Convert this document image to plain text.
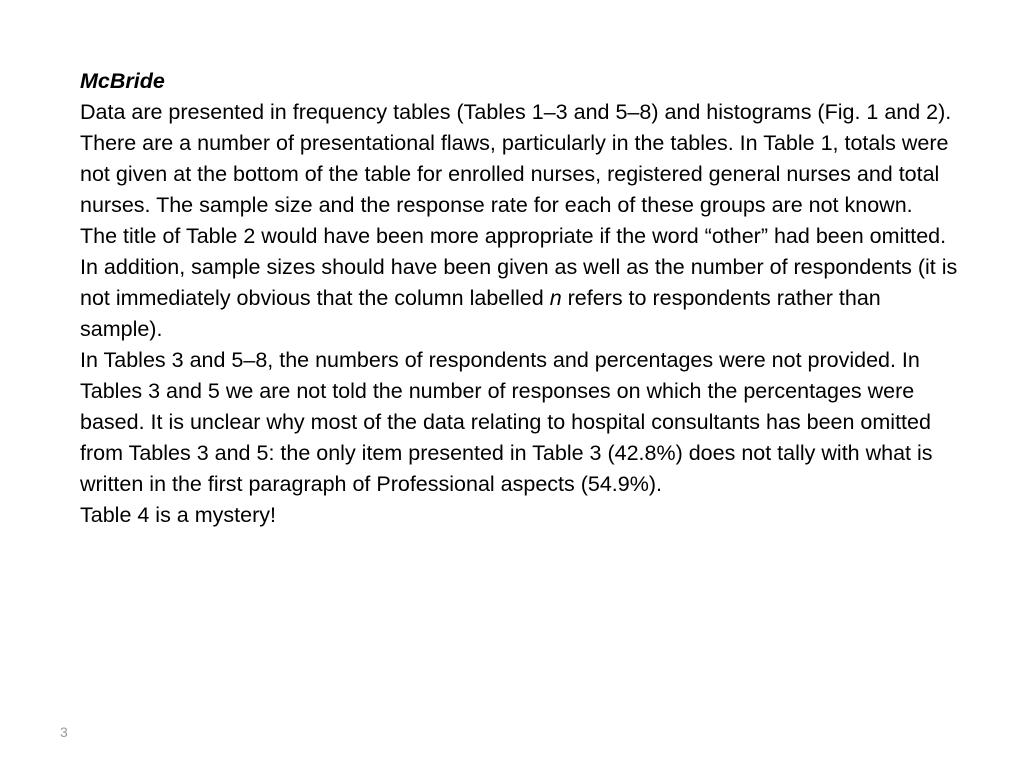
McBride

Data are presented in frequency tables (Tables 1–3 and 5–8) and histograms (Fig. 1 and 2).

There are a number of presentational flaws, particularly in the tables. In Table 1, totals were not given at the bottom of the table for enrolled nurses, registered general nurses and total nurses. The sample size and the response rate for each of these groups are not known.

The title of Table 2 would have been more appropriate if the word “other” had been omitted. In addition, sample sizes should have been given as well as the number of respondents (it is not immediately obvious that the column labelled n refers to respondents rather than sample).

In Tables 3 and 5–8, the numbers of respondents and percentages were not provided. In Tables 3 and 5 we are not told the number of responses on which the percentages were based. It is unclear why most of the data relating to hospital consultants has been omitted from Tables 3 and 5: the only item presented in Table 3 (42.8%) does not tally with what is written in the first paragraph of Professional aspects (54.9%).

Table 4 is a mystery!

3
